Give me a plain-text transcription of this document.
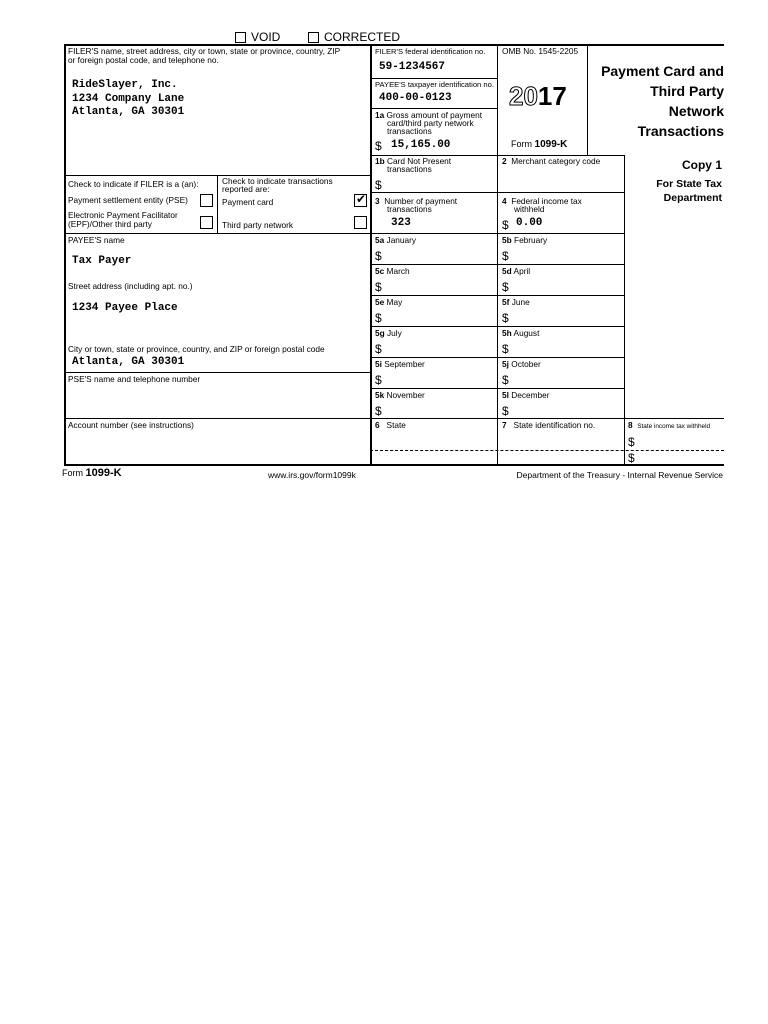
VOID	CORRECTED
FILER'S name, street address, city or town, state or province, country, ZIP
or foreign postal code, and telephone no.
RideSlayer, Inc.
1234 Company Lane
Atlanta, GA 30301
FILER'S federal identification no.
59-1234567
PAYEE'S taxpayer identification no.
400-00-0123
1a Gross amount of payment
card/third party network
transactions
$ 15,165.00
OMB No. 1545-2205
2017
Form 1099-K
Payment Card and
Third Party
Network
Transactions
1b Card Not Present
transactions
$
2 Merchant category code	Copy 1
For State Tax
Department
Check to indicate if FILER is a (an):
Payment settlement entity (PSE)
Electronic Payment Facilitator
(EPF)/Other third party
Check to indicate transactions
reported are:
Payment card	✔
Third party network
3 Number of payment
transactions
323
4 Federal income tax
withheld
$ 0.00
PAYEE'S name
Tax Payer
Street address (including apt. no.)
1234 Payee Place
City or town, state or province, country, and ZIP or foreign postal code
Atlanta, GA 30301
PSE'S name and telephone number
Account number (see instructions)
5a January
$
5b February
$
5c March
$
5d April
$
5e May
$
5f June
$
5g July
$
5h August
$
5i September
$
5j October
$
5k November
$
5l December
$
6 State	7 State identification no.	8 State income tax withheld
$
$
Form 1099-K	www.irs.gov/form1099k	Department of the Treasury - Internal Revenue Service
